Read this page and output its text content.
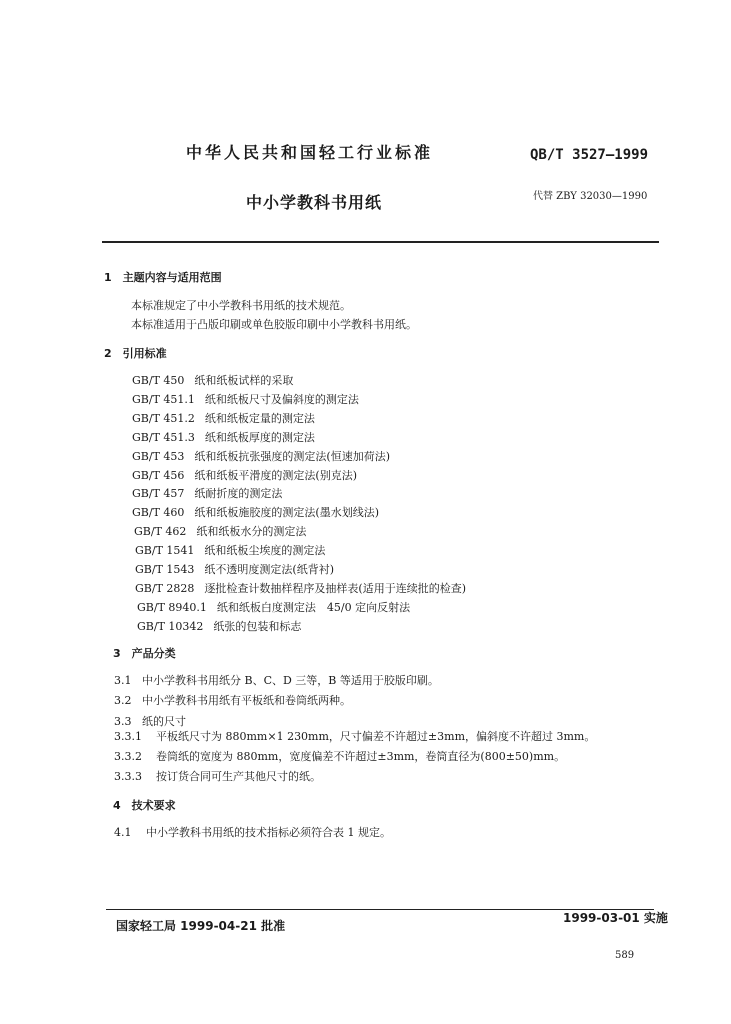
中华人民共和国轻工行业标准	QB/T 3527—1999
中小学教科书用纸	代替 ZBY 32030—1990
1　主题内容与适用范围
本标准规定了中小学教科书用纸的技术规范。
本标准适用于凸版印刷或单色胶版印刷中小学教科书用纸。
2　引用标准
GB/T 450 纸和纸板试样的采取
GB/T 451.1 纸和纸板尺寸及偏斜度的测定法
GB/T 451.2 纸和纸板定量的测定法
GB/T 451.3 纸和纸板厚度的测定法
GB/T 453 纸和纸板抗张强度的测定法(恒速加荷法)
GB/T 456 纸和纸板平滑度的测定法(别克法)
GB/T 457 纸耐折度的测定法
GB/T 460 纸和纸板施胶度的测定法(墨水划线法)
GB/T 462 纸和纸板水分的测定法
GB/T 1541 纸和纸板尘埃度的测定法
GB/T 1543 纸不透明度测定法(纸背衬)
GB/T 2828 逐批检查计数抽样程序及抽样表(适用于连续批的检查)
GB/T 8940.1 纸和纸板白度测定法　45/0 定向反射法
GB/T 10342 纸张的包装和标志
3　产品分类
3.1 中小学教科书用纸分 B、C、D 三等，B 等适用于胶版印刷。
3.2 中小学教科书用纸有平板纸和卷筒纸两种。
3.3 纸的尺寸
3.3.1 平板纸尺寸为 880mm×1 230mm，尺寸偏差不许超过±3mm，偏斜度不许超过 3mm。
3.3.2 卷筒纸的宽度为 880mm，宽度偏差不许超过±3mm，卷筒直径为(800±50)mm。
3.3.3 按订货合同可生产其他尺寸的纸。
4　技术要求
4.1 中小学教科书用纸的技术指标必须符合表 1 规定。
国家轻工局 1999-04-21 批准
1999-03-01 实施
589
